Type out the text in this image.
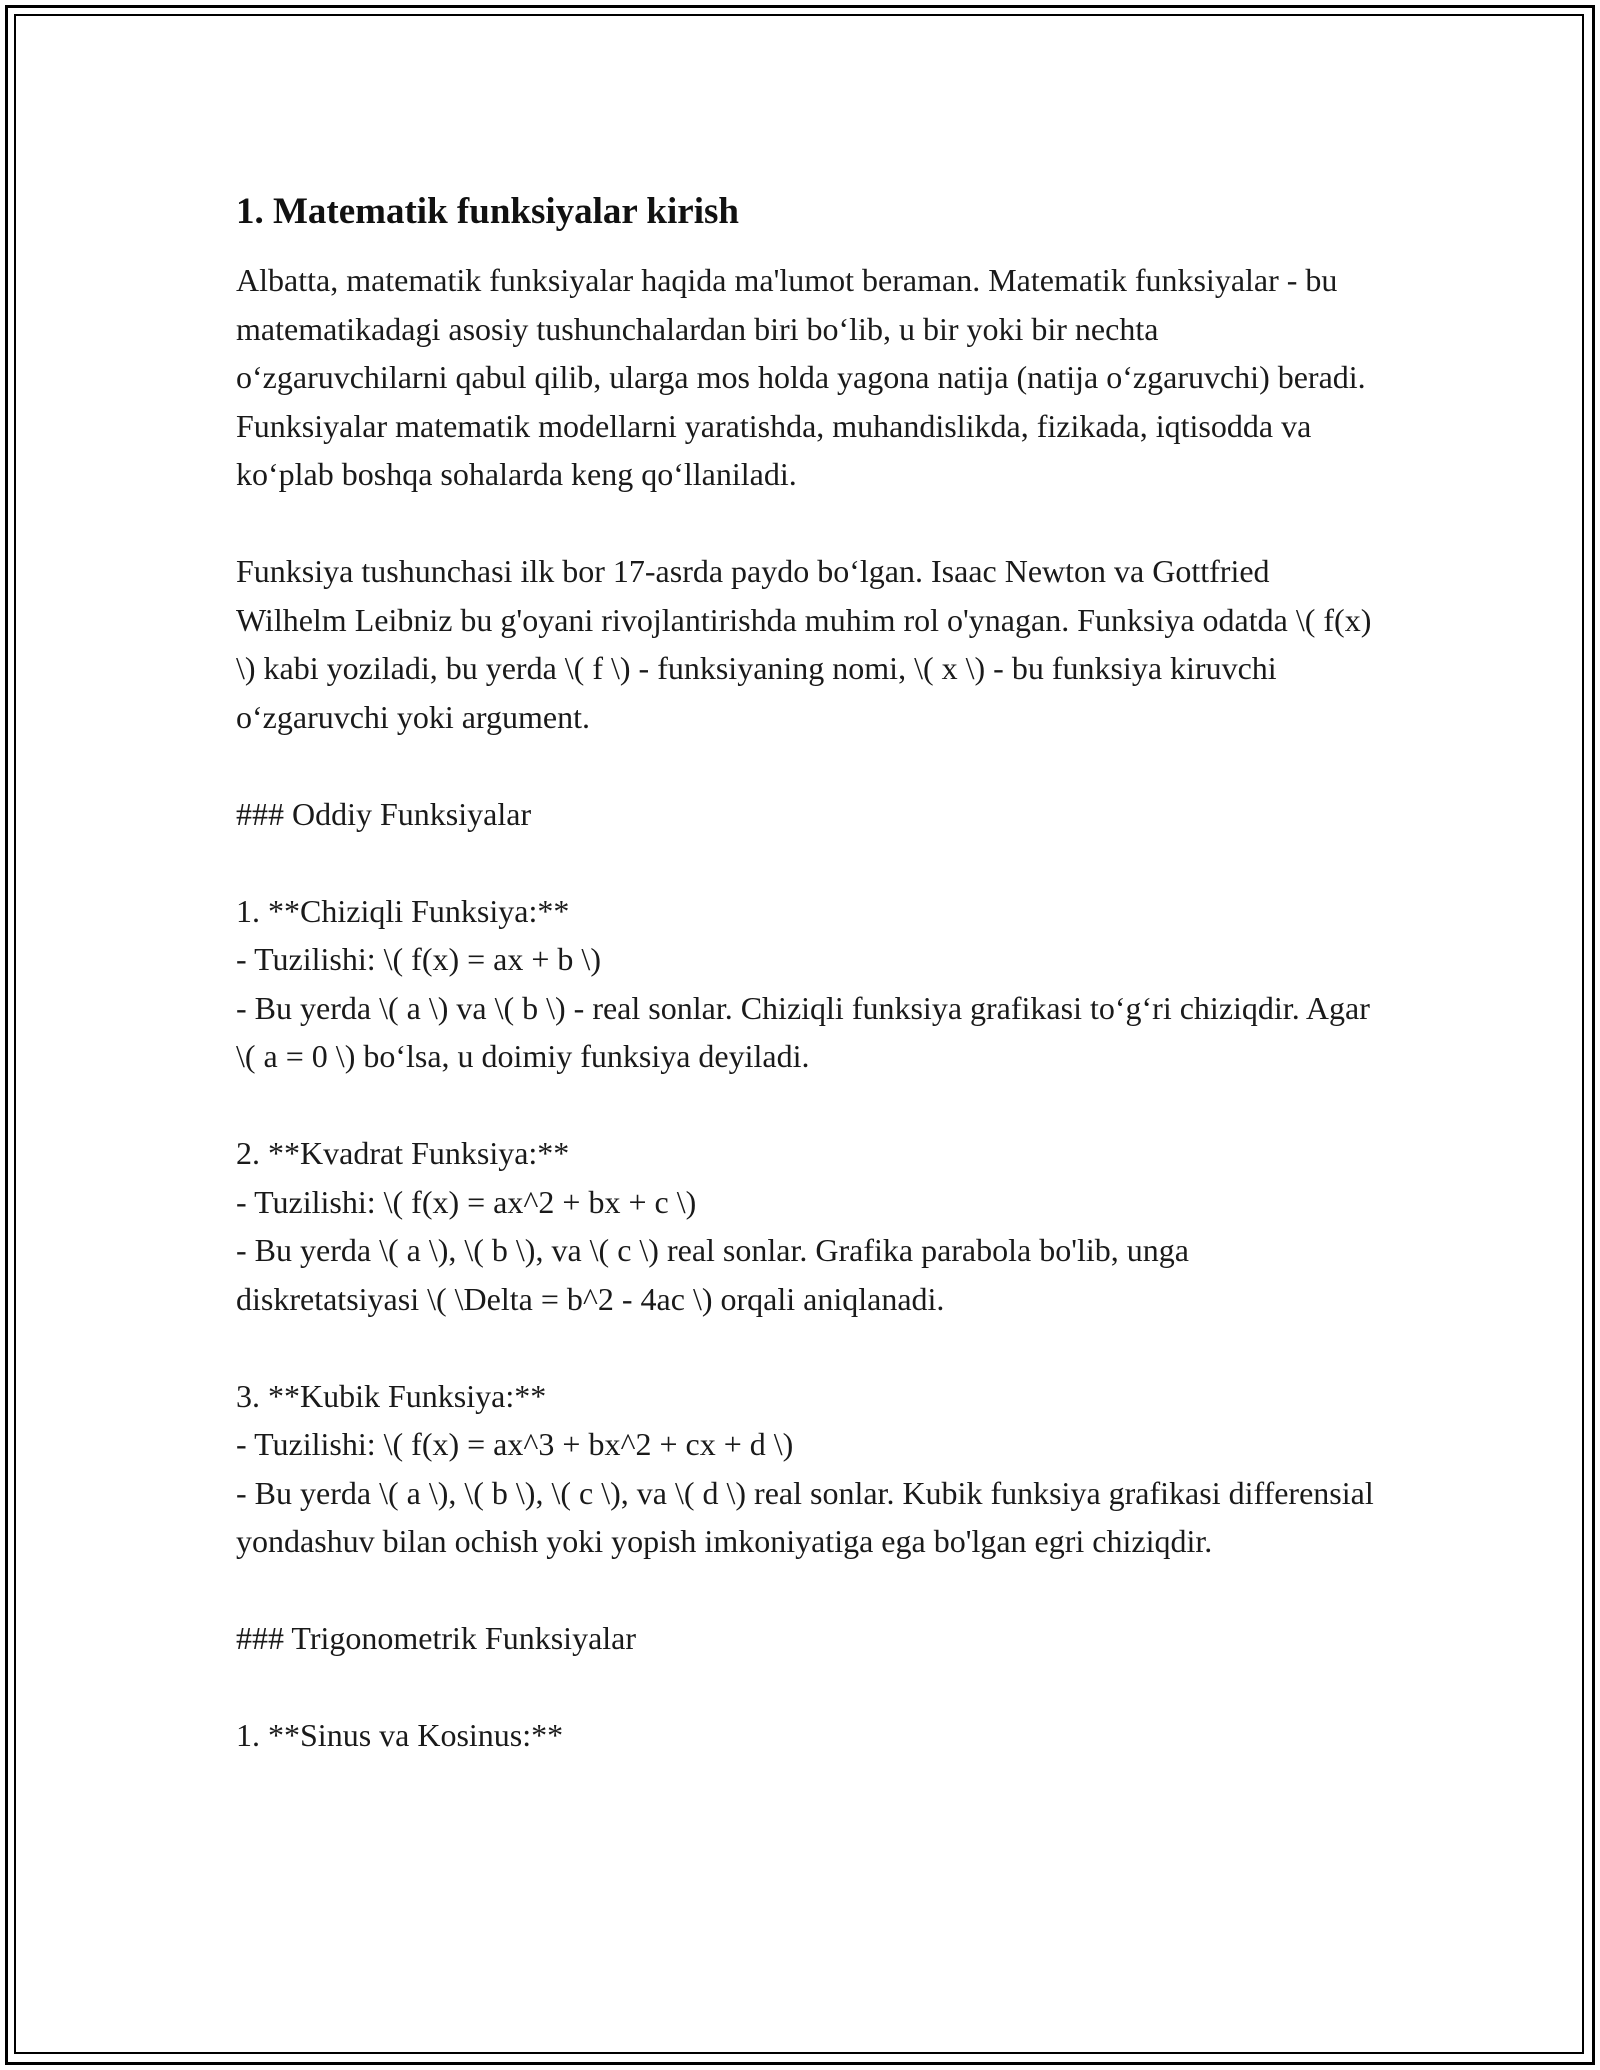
1. Matematik funksiyalar kirish

Albatta, matematik funksiyalar haqida ma'lumot beraman. Matematik funksiyalar - bu matematikadagi asosiy tushunchalardan biri boʻlib, u bir yoki bir nechta oʻzgaruvchilarni qabul qilib, ularga mos holda yagona natija (natija oʻzgaruvchi) beradi. Funksiyalar matematik modellarni yaratishda, muhandislikda, fizikada, iqtisodda va koʻplab boshqa sohalarda keng qoʻllaniladi.

Funksiya tushunchasi ilk bor 17-asrda paydo boʻlgan. Isaac Newton va Gottfried Wilhelm Leibniz bu g'oyani rivojlantirishda muhim rol o'ynagan. Funksiya odatda \( f(x) \) kabi yoziladi, bu yerda \( f \) - funksiyaning nomi, \( x \) - bu funksiya kiruvchi oʻzgaruvchi yoki argument.

### Oddiy Funksiyalar

1. **Chiziqli Funksiya:**
- Tuzilishi: \( f(x) = ax + b \)
- Bu yerda \( a \) va \( b \) - real sonlar. Chiziqli funksiya grafikasi toʻgʻri chiziqdir. Agar \( a = 0 \) boʻlsa, u doimiy funksiya deyiladi.

2. **Kvadrat Funksiya:**
- Tuzilishi: \( f(x) = ax^2 + bx + c \)
- Bu yerda \( a \), \( b \), va \( c \) real sonlar. Grafika parabola bo'lib, unga diskretatsiyasi \( \Delta = b^2 - 4ac \) orqali aniqlanadi.

3. **Kubik Funksiya:**
- Tuzilishi: \( f(x) = ax^3 + bx^2 + cx + d \)
- Bu yerda \( a \), \( b \), \( c \), va \( d \) real sonlar. Kubik funksiya grafikasi differensial yondashuv bilan ochish yoki yopish imkoniyatiga ega bo'lgan egri chiziqdir.

### Trigonometrik Funksiyalar

1. **Sinus va Kosinus:**
